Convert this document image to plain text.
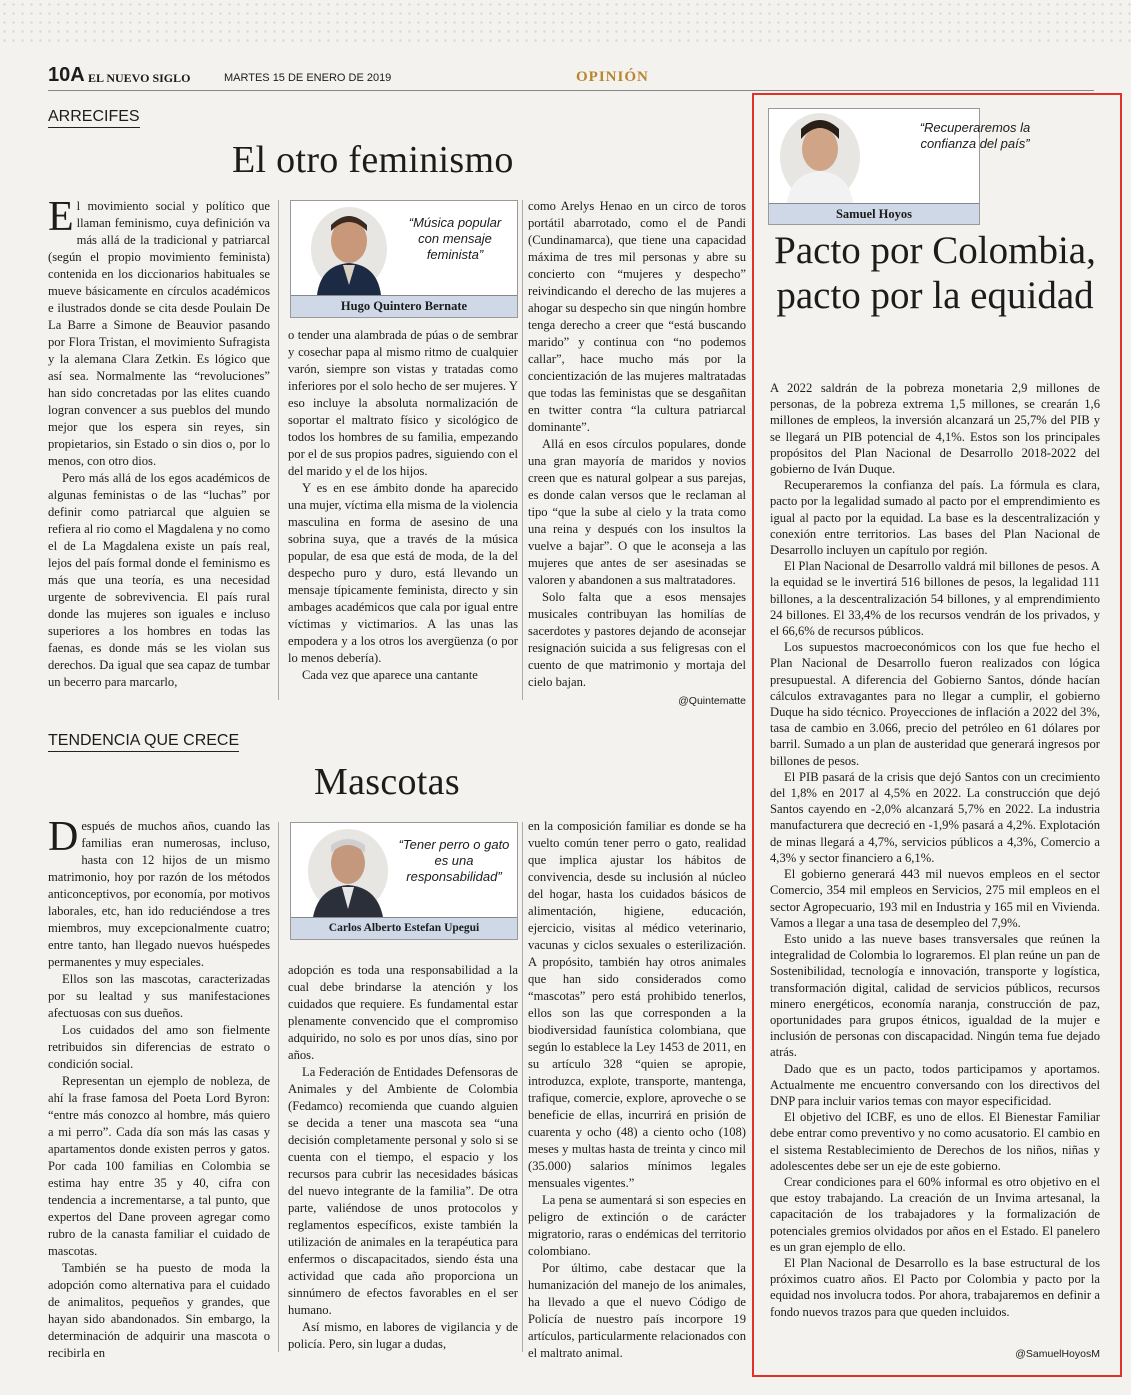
10A EL NUEVO SIGLO	MARTES 15 DE ENERO DE 2019	OPINIÓN
ARRECIFES
El otro feminismo

El movimiento social y político que llaman feminismo, cuya definición va más allá de la tradicional y patriarcal (según el propio movimiento feminista) contenida en los diccionarios habituales se mueve básicamente en círculos académicos e ilustrados donde se cita desde Poulain De La Barre a Simone de Beauvior pasando por Flora Tristan, el movimiento Sufragista y la alemana Clara Zetkin. Es lógico que así sea. Normalmente las “revoluciones” han sido concretadas por las elites cuando logran convencer a sus pueblos del mundo mejor que los espera sin reyes, sin propietarios, sin Estado o sin dios o, por lo menos, con otro dios.

Pero más allá de los egos académicos de algunas feministas o de las “luchas” por definir como patriarcal que alguien se refiera al rio como el Magdalena y no como el de La Magdalena existe un país real, lejos del país formal donde el feminismo es más que una teoría, es una necesidad urgente de sobrevivencia. El país rural donde las mujeres son iguales e incluso superiores a los hombres en todas las faenas, es donde más se les violan sus derechos. Da igual que sea capaz de tumbar un becerro para marcarlo,

“Música popular con mensaje feminista”
Hugo Quintero Bernate

o tender una alambrada de púas o de sembrar y cosechar papa al mismo ritmo de cualquier varón, siempre son vistas y tratadas como inferiores por el solo hecho de ser mujeres. Y eso incluye la absoluta normalización de soportar el maltrato físico y sicológico de todos los hombres de su familia, empezando por el de sus propios padres, siguiendo con el del marido y el de los hijos.

Y es en ese ámbito donde ha aparecido una mujer, víctima ella misma de la violencia masculina en forma de asesino de una sobrina suya, que a través de la música popular, de esa que está de moda, de la del despecho puro y duro, está llevando un mensaje típicamente feminista, directo y sin ambages académicos que cala por igual entre víctimas y victimarios. A las unas las empodera y a los otros los avergüenza (o por lo menos debería).

Cada vez que aparece una cantante

como Arelys Henao en un circo de toros portátil abarrotado, como el de Pandi (Cundinamarca), que tiene una capacidad máxima de tres mil personas y abre su concierto con “mujeres y despecho” reivindicando el derecho de las mujeres a ahogar su despecho sin que ningún hombre tenga derecho a creer que “está buscando marido” y continua con “no podemos callar”, hace mucho más por la concientización de las mujeres maltratadas que todas las feministas que se desgañitan en twitter contra “la cultura patriarcal dominante”.

Allá en esos círculos populares, donde una gran mayoría de maridos y novios creen que es natural golpear a sus parejas, es donde calan versos que le reclaman al tipo “que la sube al cielo y la trata como una reina y después con los insultos la vuelve a bajar”. O que le aconseja a las mujeres que antes de ser asesinadas se valoren y abandonen a sus maltratadores.

Solo falta que a esos mensajes musicales contribuyan las homilías de sacerdotes y pastores dejando de aconsejar resignación suicida a sus feligresas con el cuento de que matrimonio y mortaja del cielo bajan.

@Quintematte
TENDENCIA QUE CRECE
Mascotas

Después de muchos años, cuando las familias eran numerosas, incluso, hasta con 12 hijos de un mismo matrimonio, hoy por razón de los métodos anticonceptivos, por economía, por motivos laborales, etc, han ido reduciéndose a tres miembros, muy excepcionalmente cuatro; entre tanto, han llegado nuevos huéspedes permanentes y muy especiales.

Ellos son las mascotas, caracterizadas por su lealtad y sus manifestaciones afectuosas con sus dueños.

Los cuidados del amo son fielmente retribuidos sin diferencias de estrato o condición social.

Representan un ejemplo de nobleza, de ahí la frase famosa del Poeta Lord Byron: “entre más conozco al hombre, más quiero a mi perro”. Cada día son más las casas y apartamentos donde existen perros y gatos. Por cada 100 familias en Colombia se estima hay entre 35 y 40, cifra con tendencia a incrementarse, a tal punto, que expertos del Dane proveen agregar como rubro de la canasta familiar el cuidado de mascotas.

También se ha puesto de moda la adopción como alternativa para el cuidado de animalitos, pequeños y grandes, que hayan sido abandonados. Sin embargo, la determinación de adquirir una mascota o recibirla en

“Tener perro o gato es una responsabilidad”
Carlos Alberto Estefan Upegui

adopción es toda una responsabilidad a la cual debe brindarse la atención y los cuidados que requiere. Es fundamental estar plenamente convencido que el compromiso adquirido, no solo es por unos días, sino por años.

La Federación de Entidades Defensoras de Animales y del Ambiente de Colombia (Fedamco) recomienda que cuando alguien se decida a tener una mascota sea “una decisión completamente personal y solo si se cuenta con el tiempo, el espacio y los recursos para cubrir las necesidades básicas del nuevo integrante de la familia”. De otra parte, valiéndose de unos protocolos y reglamentos específicos, existe también la utilización de animales en la terapéutica para enfermos o discapacitados, siendo ésta una actividad que cada año proporciona un sinnúmero de efectos favorables en el ser humano.

Así mismo, en labores de vigilancia y de policía. Pero, sin lugar a dudas,

en la composición familiar es donde se ha vuelto común tener perro o gato, realidad que implica ajustar los hábitos de convivencia, desde su inclusión al núcleo del hogar, hasta los cuidados básicos de alimentación, higiene, educación, ejercicio, visitas al médico veterinario, vacunas y ciclos sexuales o esterilización. A propósito, también hay otros animales que han sido considerados como “mascotas” pero está prohibido tenerlos, ellos son las que corresponden a la biodiversidad faunística colombiana, que según lo establece la Ley 1453 de 2011, en su artículo 328 “quien se apropie, introduzca, explote, transporte, mantenga, trafique, comercie, explore, aproveche o se beneficie de ellas, incurrirá en prisión de cuarenta y ocho (48) a ciento ocho (108) meses y multas hasta de treinta y cinco mil (35.000) salarios mínimos legales mensuales vigentes.”

La pena se aumentará si son especies en peligro de extinción o de carácter migratorio, raras o endémicas del territorio colombiano.

Por último, cabe destacar que la humanización del manejo de los animales, ha llevado a que el nuevo Código de Policía de nuestro país incorpore 19 artículos, particularmente relacionados con el maltrato animal.

Samuel Hoyos
“Recuperaremos la confianza del país”
Pacto por Colombia, pacto por la equidad

A 2022 saldrán de la pobreza monetaria 2,9 millones de personas, de la pobreza extrema 1,5 millones, se crearán 1,6 millones de empleos, la inversión alcanzará un 25,7% del PIB y se llegará un PIB potencial de 4,1%. Estos son los principales propósitos del Plan Nacional de Desarrollo 2018-2022 del gobierno de Iván Duque.

Recuperaremos la confianza del país. La fórmula es clara, pacto por la legalidad sumado al pacto por el emprendimiento es igual al pacto por la equidad. La base es la descentralización y conexión entre territorios. Las bases del Plan Nacional de Desarrollo incluyen un capítulo por región.

El Plan Nacional de Desarrollo valdrá mil billones de pesos. A la equidad se le invertirá 516 billones de pesos, la legalidad 111 billones, a la descentralización 54 billones, y al emprendimiento 24 billones. El 33,4% de los recursos vendrán de los privados, y el 66,6% de recursos públicos.

Los supuestos macroeconómicos con los que fue hecho el Plan Nacional de Desarrollo fueron realizados con lógica presupuestal. A diferencia del Gobierno Santos, dónde hacían cálculos extravagantes para no llegar a cumplir, el gobierno Duque ha sido técnico. Proyecciones de inflación a 2022 del 3%, tasa de cambio en 3.066, precio del petróleo en 61 dólares por barril. Sumado a un plan de austeridad que generará ingresos por billones de pesos.

El PIB pasará de la crisis que dejó Santos con un crecimiento del 1,8% en 2017 al 4,5% en 2022. La construcción que dejó Santos cayendo en -2,0% alcanzará 5,7% en 2022. La industria manufacturera que decreció en -1,9% pasará a 4,2%. Explotación de minas llegará a 4,7%, servicios públicos a 4,3%, Comercio a 4,3% y sector financiero a 6,1%.

El gobierno generará 443 mil nuevos empleos en el sector Comercio, 354 mil empleos en Servicios, 275 mil empleos en el sector Agropecuario, 193 mil en Industria y 165 mil en Vivienda. Vamos a llegar a una tasa de desempleo del 7,9%.

Esto unido a las nueve bases transversales que reúnen la integralidad de Colombia lo lograremos. El plan reúne un pan de Sostenibilidad, tecnología e innovación, transporte y logística, transformación digital, calidad de servicios públicos, recursos minero energéticos, economía naranja, construcción de paz, oportunidades para grupos étnicos, igualdad de la mujer e inclusión de personas con discapacidad. Ningún tema fue dejado atrás.

Dado que es un pacto, todos participamos y aportamos. Actualmente me encuentro conversando con los directivos del DNP para incluir varios temas con mayor especificidad.

El objetivo del ICBF, es uno de ellos. El Bienestar Familiar debe entrar como preventivo y no como acusatorio. El cambio en el sistema Restablecimiento de Derechos de los niños, niñas y adolescentes debe ser un eje de este gobierno.

Crear condiciones para el 60% informal es otro objetivo en el que estoy trabajando. La creación de un Invima artesanal, la capacitación de los trabajadores y la formalización de potenciales gremios olvidados por años en el Estado. El panelero es un gran ejemplo de ello.

El Plan Nacional de Desarrollo es la base estructural de los próximos cuatro años. El Pacto por Colombia y pacto por la equidad nos involucra todos. Por ahora, trabajaremos en definir a fondo nuevos trazos para que queden incluidos.

@SamuelHoyosM
